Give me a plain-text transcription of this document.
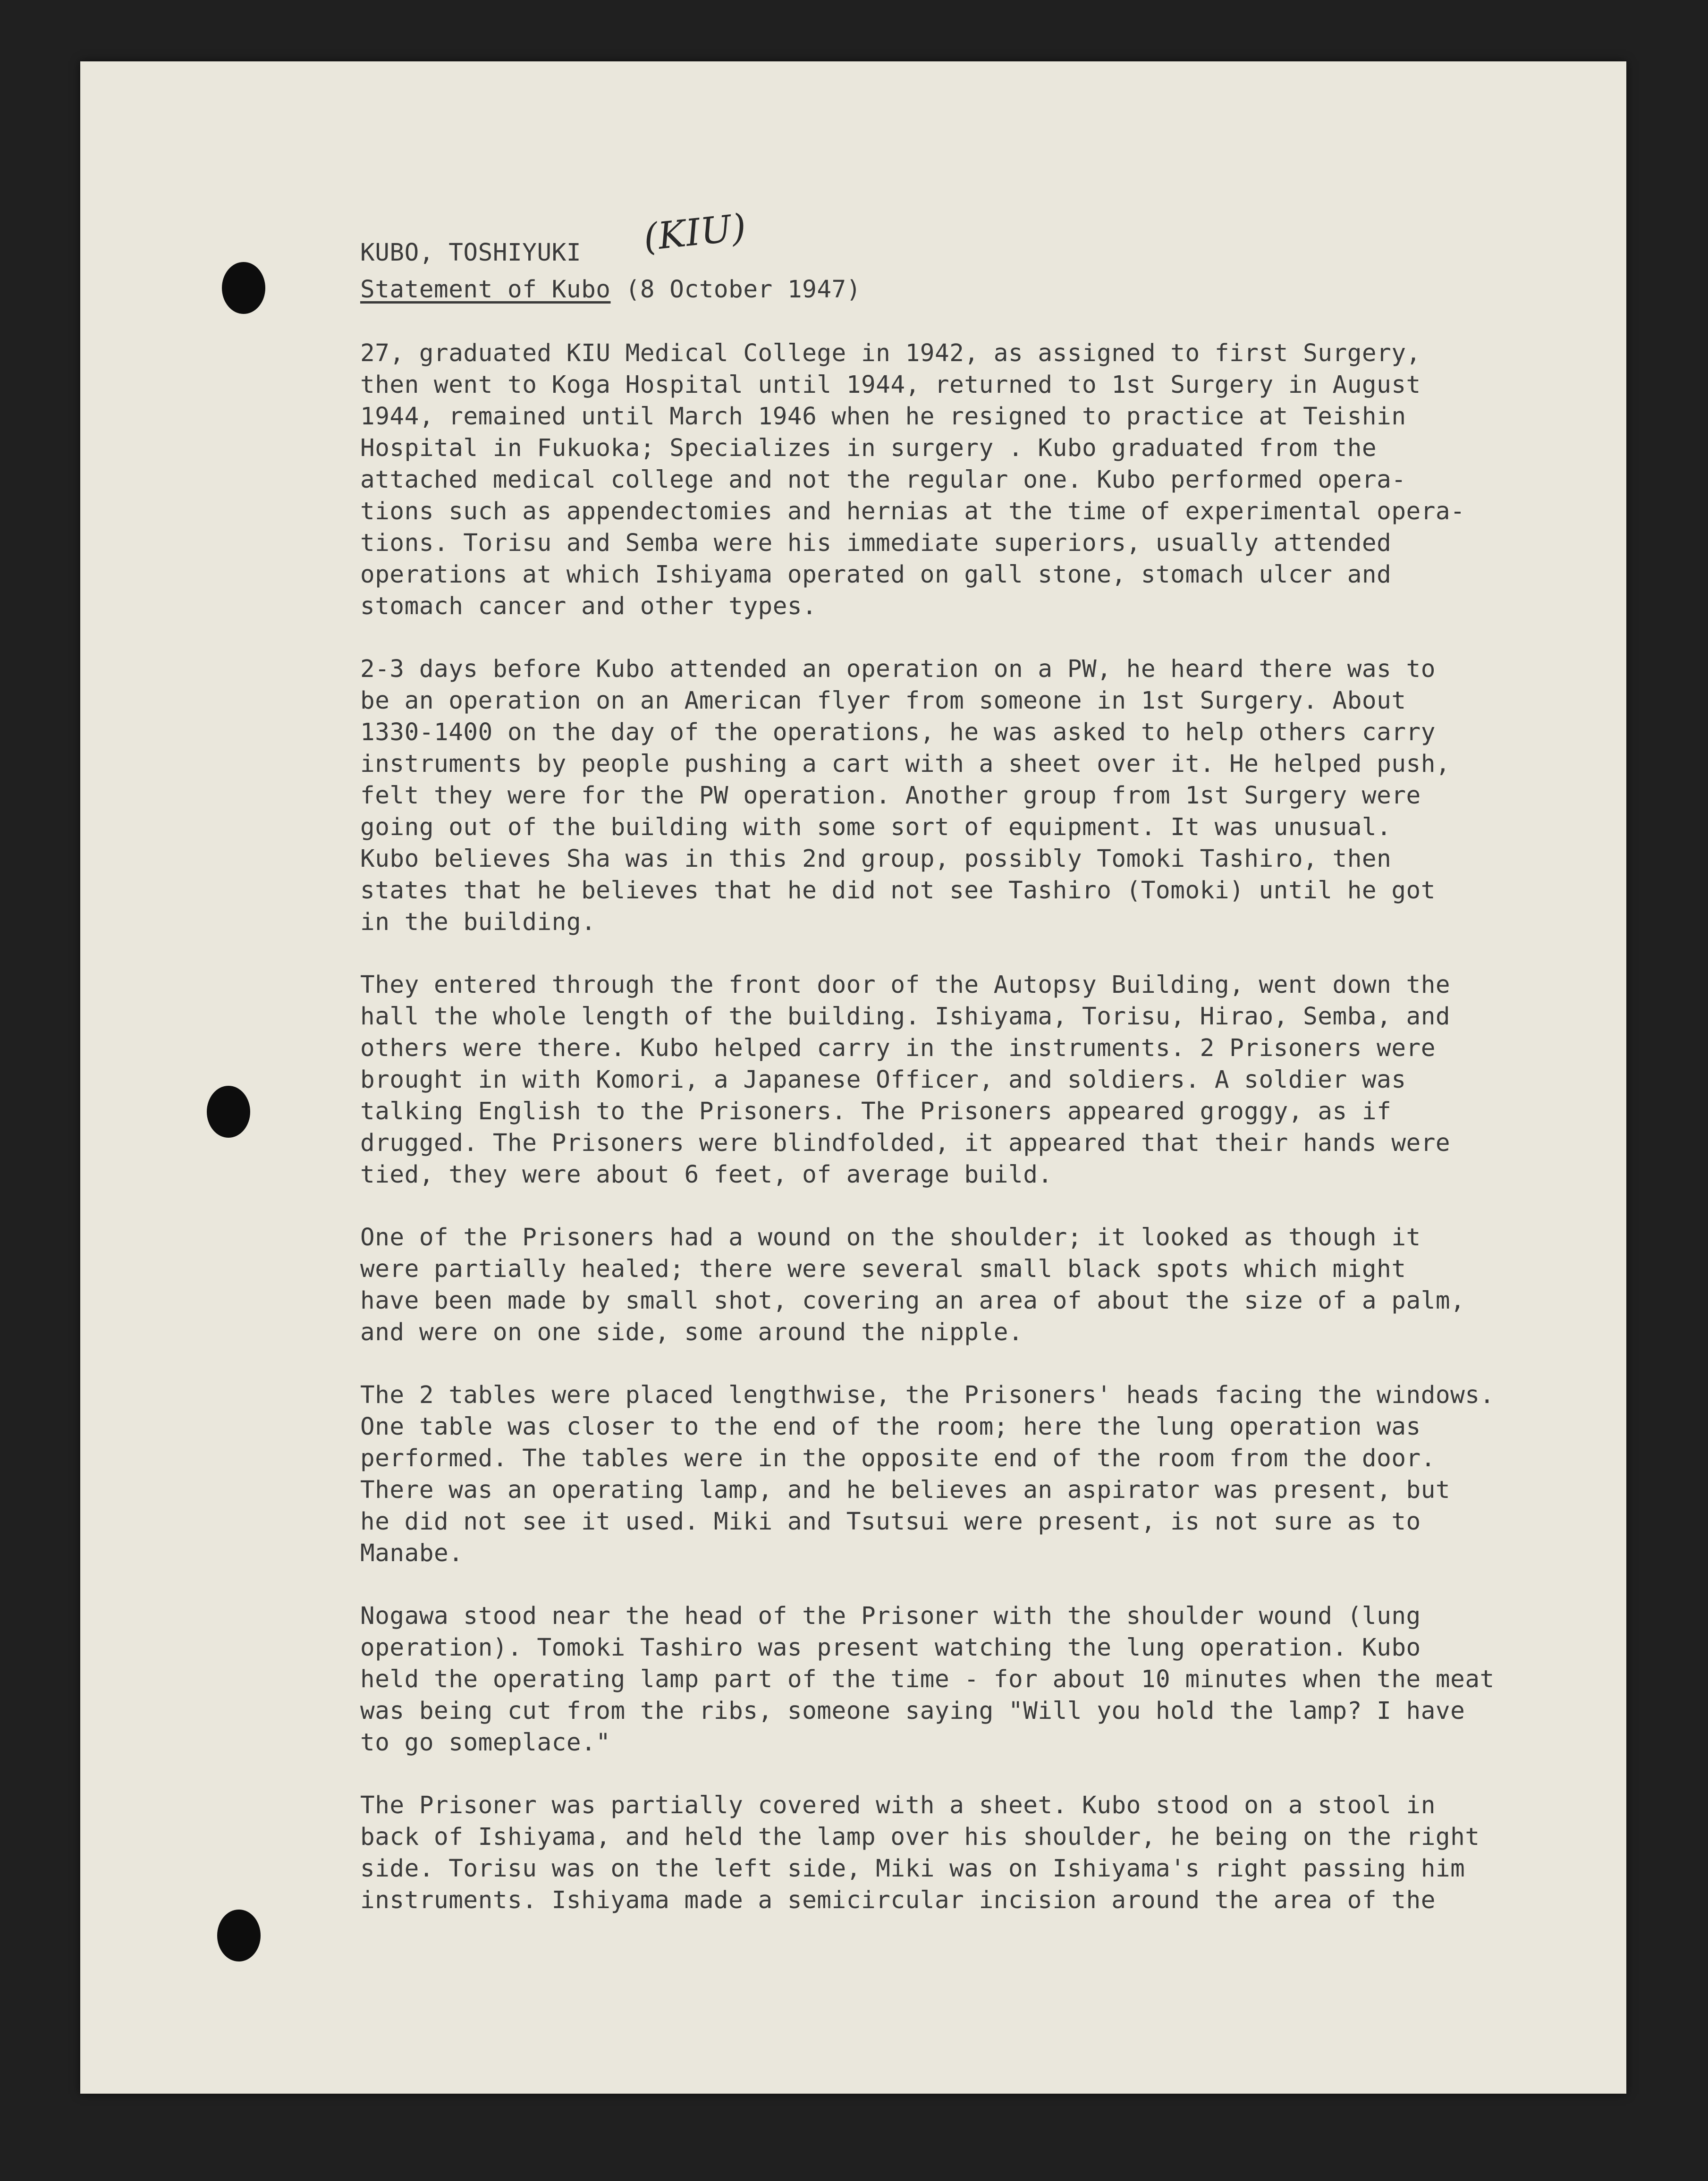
KUBO, TOSHIYUKI (KIU)

Statement of Kubo (8 October 1947)

27, graduated KIU Medical College in 1942, as assigned to first Surgery,
then went to Koga Hospital until 1944, returned to 1st Surgery in August
1944, remained until March 1946 when he resigned to practice at Teishin
Hospital in Fukuoka; Specializes in surgery . Kubo graduated from the
attached medical college and not the regular one. Kubo performed opera-
tions such as appendectomies and hernias at the time of experimental opera-
tions. Torisu and Semba were his immediate superiors, usually attended
operations at which Ishiyama operated on gall stone, stomach ulcer and
stomach cancer and other types.

2-3 days before Kubo attended an operation on a PW, he heard there was to
be an operation on an American flyer from someone in 1st Surgery. About
1330-1400 on the day of the operations, he was asked to help others carry
instruments by people pushing a cart with a sheet over it. He helped push,
felt they were for the PW operation. Another group from 1st Surgery were
going out of the building with some sort of equipment. It was unusual.
Kubo believes Sha was in this 2nd group, possibly Tomoki Tashiro, then
states that he believes that he did not see Tashiro (Tomoki) until he got
in the building.

They entered through the front door of the Autopsy Building, went down the
hall the whole length of the building. Ishiyama, Torisu, Hirao, Semba, and
others were there. Kubo helped carry in the instruments. 2 Prisoners were
brought in with Komori, a Japanese Officer, and soldiers. A soldier was
talking English to the Prisoners. The Prisoners appeared groggy, as if
drugged. The Prisoners were blindfolded, it appeared that their hands were
tied, they were about 6 feet, of average build.

One of the Prisoners had a wound on the shoulder; it looked as though it
were partially healed; there were several small black spots which might
have been made by small shot, covering an area of about the size of a palm,
and were on one side, some around the nipple.

The 2 tables were placed lengthwise, the Prisoners' heads facing the windows.
One table was closer to the end of the room; here the lung operation was
performed. The tables were in the opposite end of the room from the door.
There was an operating lamp, and he believes an aspirator was present, but
he did not see it used. Miki and Tsutsui were present, is not sure as to
Manabe.

Nogawa stood near the head of the Prisoner with the shoulder wound (lung
operation). Tomoki Tashiro was present watching the lung operation. Kubo
held the operating lamp part of the time - for about 10 minutes when the meat
was being cut from the ribs, someone saying "Will you hold the lamp? I have
to go someplace."

The Prisoner was partially covered with a sheet. Kubo stood on a stool in
back of Ishiyama, and held the lamp over his shoulder, he being on the right
side. Torisu was on the left side, Miki was on Ishiyama's right passing him
instruments. Ishiyama made a semicircular incision around the area of the
